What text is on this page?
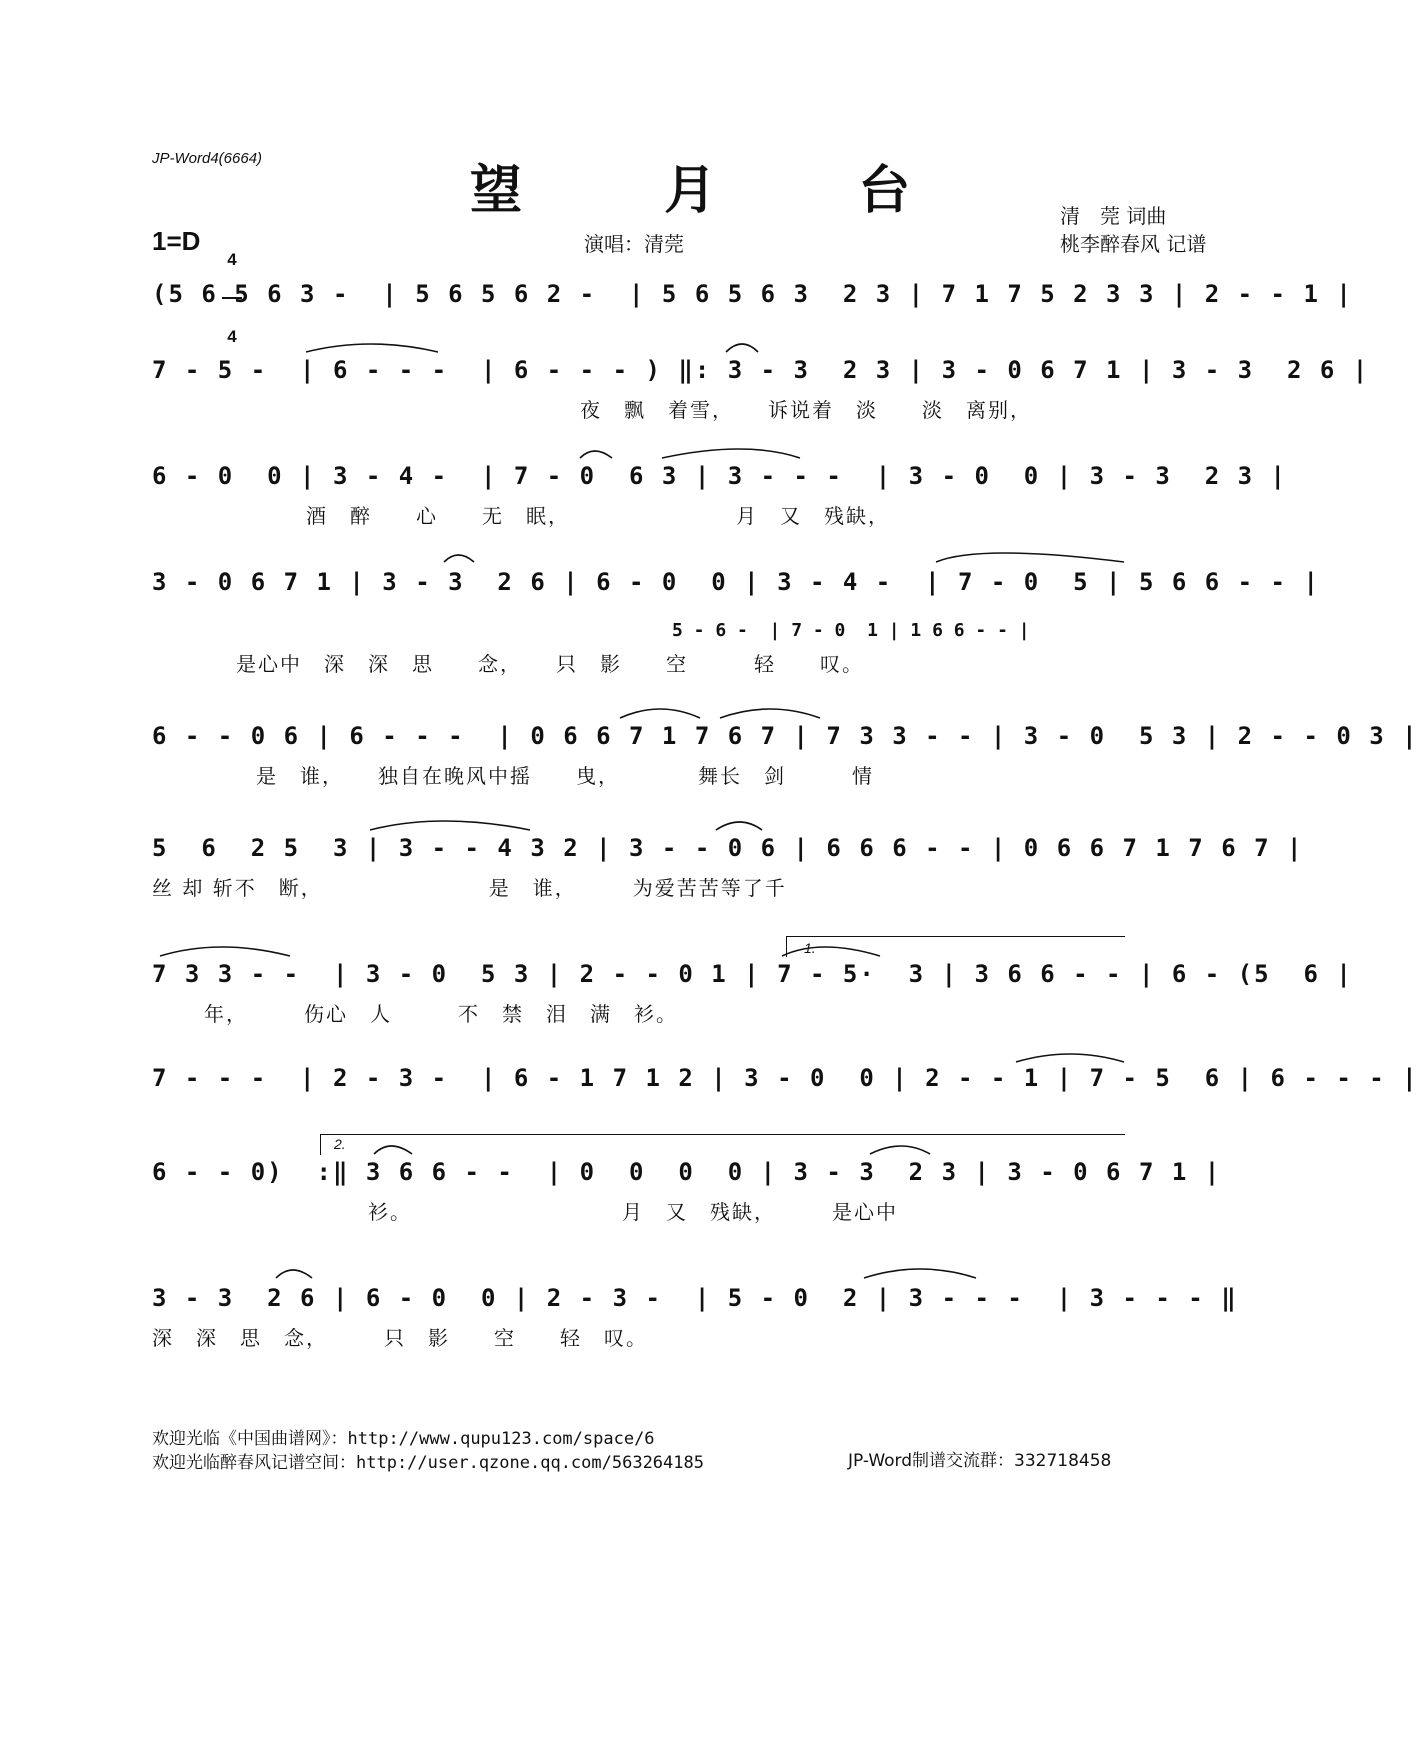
JP-Word4(6664)
望 月 台
1=D

4

4

演唱：清莞
清　莞 词曲
桃李醉春风 记谱
(5 6 5 6 3 -  | 5 6 5 6 2 -  | 5 6 5 6 3  2 3 | 7 1 7 5 2 3 3 | 2 - - 1 |
7 - 5 -  | 6 - - -  | 6 - - - ) ‖: 3 - 3  2 3 | 3 - 0 6 7 1 | 3 - 3  2 6 |
夜　飘　着雪，　　诉说着　淡　　淡　离别，
6 - 0  0 | 3 - 4 -  | 7 - 0  6 3 | 3 - - -  | 3 - 0  0 | 3 - 3  2 3 |
酒　醉　　心　　无　眠，　　　　　　　　月　又　残缺，
3 - 0 6 7 1 | 3 - 3  2 6 | 6 - 0  0 | 3 - 4 -  | 7 - 0  5 | 5 6 6 - - |
5 - 6 -  | 7 - 0  1 | 1 6 6 - - |
是心中　深　深　思　　念，　　只　影　　空　　　轻　　叹。
6 - - 0 6 | 6 - - -  | 0 6 6 7 1 7 6 7 | 7 3 3 - - | 3 - 0  5 3 | 2 - - 0 3 |
是　谁，　　独自在晚风中摇　　曳，　　　　舞长　剑　　　情
5  6  2 5  3 | 3 - - 4 3 2 | 3 - - 0 6 | 6 6 6 - - | 0 6 6 7 1 7 6 7 |
丝 却 斩不　断，　　　　　　　　是　谁，　　　为爱苦苦等了千
7 3 3 - -  | 3 - 0  5 3 | 2 - - 0 1 | 7 - 5·  3 | 3 6 6 - - | 6 - (5  6 |
年，　　　伤心　人　　　不　禁　泪　满　衫。
7 - - -  | 2 - 3 -  | 6 - 1 7 1 2 | 3 - 0  0 | 2 - - 1 | 7 - 5  6 | 6 - - - |
6 - - 0)  :‖ 3 6 6 - -  | 0  0  0  0 | 3 - 3  2 3 | 3 - 0 6 7 1 |
衫。　　　　　　　　　　月　又　残缺，　　　是心中
3 - 3  2 6 | 6 - 0  0 | 2 - 3 -  | 5 - 0  2 | 3 - - -  | 3 - - - ‖
深　深　思　念，　　　只　影　　空　　轻　叹。
1.
2.
欢迎光临《中国曲谱网》：http://www.qupu123.com/space/6
欢迎光临醉春风记谱空间：http://user.qzone.qq.com/563264185	JP-Word制谱交流群：332718458
